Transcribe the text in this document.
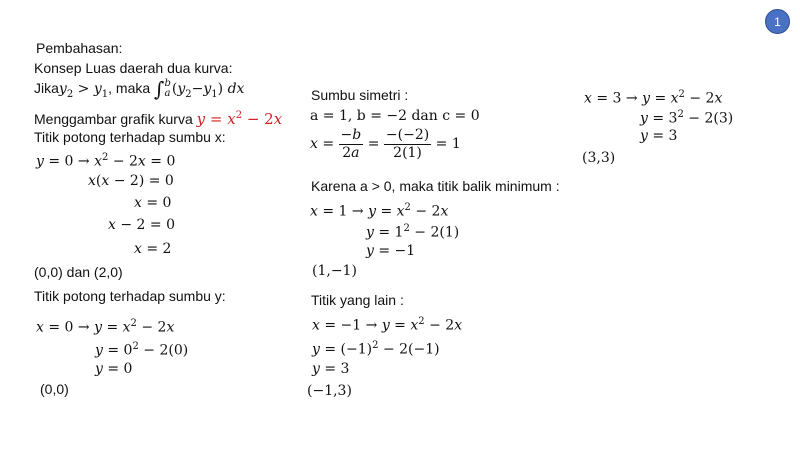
1
Pembahasan:
Konsep Luas daerah dua kurva:
Jikay$_2$ > $y_1$, maka ∫ b
a $(y_2-y_1)$ dx
Menggambar grafik kurva $y = x^2 - 2x$
Titik potong terhadap sumbu x:
$y = 0 \to x^2 - 2x = 0$
x(x − 2) = 0
x = 0
x − 2 = 0
x = 2
(0,0) dan (2,0)
Titik potong terhadap sumbu y:
$x = 0 \to y = x^2 - 2x$
$y = 0^2 - 2(0)$
y = 0
(0,0)
Sumbu simetri :
a = 1, b = −2 dan c = 0
$x = \frac{-b}{2a} = \frac{-(-2)}{2(1)} = 1$
Karena a > 0, maka titik balik minimum :
$x = 1 \to y = x^2 - 2x$
$y = 1^2 - 2(1)$
y = −1
(1,−1)
Titik yang lain :
$x = -1 \to y = x^2 - 2x$
$y = (-1)^2 - 2(-1)$
y = 3
(−1,3)
$x = 3 \to y = x^2 - 2x$
$y = 3^2 - 2(3)$
y = 3
(3,3)
